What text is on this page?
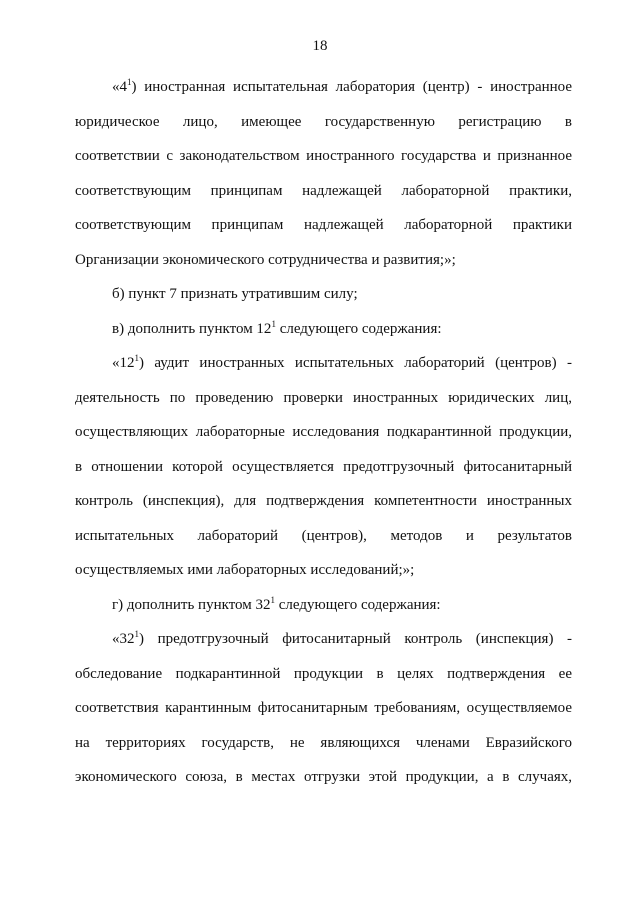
18
«$4^1$) иностранная испытательная лаборатория (центр) - иностранное
юридическое лицо, имеющее государственную регистрацию в
соответствии с законодательством иностранного государства и признанное
соответствующим принципам надлежащей лабораторной практики,
соответствующим принципам надлежащей лабораторной практики
Организации экономического сотрудничества и развития;»;
б) пункт 7 признать утратившим силу;
в) дополнить пунктом $12^1$ следующего содержания:
«$12^1$) аудит иностранных испытательных лабораторий (центров) -
деятельность по проведению проверки иностранных юридических лиц,
осуществляющих лабораторные исследования подкарантинной продукции,
в отношении которой осуществляется предотгрузочный фитосанитарный
контроль (инспекция), для подтверждения компетентности иностранных
испытательных лабораторий (центров), методов и результатов
осуществляемых ими лабораторных исследований;»;
г) дополнить пунктом $32^1$ следующего содержания:
«$32^1$) предотгрузочный фитосанитарный контроль (инспекция) -
обследование подкарантинной продукции в целях подтверждения ее
соответствия карантинным фитосанитарным требованиям, осуществляемое
на территориях государств, не являющихся членами Евразийского
экономического союза, в местах отгрузки этой продукции, а в случаях,
